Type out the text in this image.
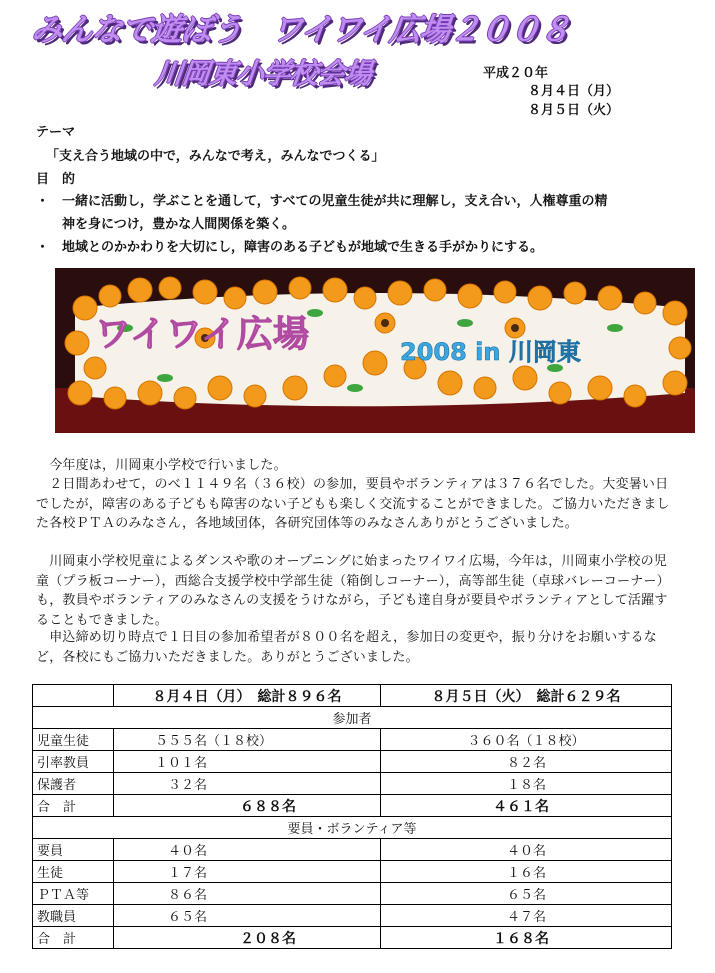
みんなで遊ぼう　ワイワイ広場２００８
川岡東小学校会場	平成２０年
８月４日（月）
８月５日（火）
テーマ
「支え合う地域の中で，みんなで考え，みんなでつくる」
目　的
・　一緒に活動し，学ぶことを通して，すべての児童生徒が共に理解し，支え合い，人権尊重の精
　　神を身につけ，豊かな人間関係を築く。
・　地域とのかかわりを大切にし，障害のある子どもが地域で生きる手がかりにする。
ワイワイ広場	2008 in 川岡東
　今年度は，川岡東小学校で行いました。
　２日間あわせて，のべ１１４９名（３６校）の参加，要員やボランティアは３７６名でした。大変暑い日でしたが，障害のある子どもも障害のない子どもも楽しく交流することができました。ご協力いただきました各校ＰＴＡのみなさん，各地域団体，各研究団体等のみなさんありがとうございました。
　川岡東小学校児童によるダンスや歌のオープニングに始まったワイワイ広場，今年は，川岡東小学校の児童（プラ板コーナー），西総合支援学校中学部生徒（箱倒しコーナー），高等部生徒（卓球バレーコーナー）も，教員やボランティアのみなさんの支援をうけながら，子ども達自身が要員やボランティアとして活躍することもできました。
　申込締め切り時点で１日目の参加希望者が８００名を超え，参加日の変更や，振り分けをお願いするなど，各校にもご協力いただきました。ありがとうございました。
	８月４日（月）　総計８９６名	８月５日（火）　総計６２９名
参加者		
児童生徒	　５５５名（１８校）	３６０名（１８校）
引率教員	　１０１名	８２名
保護者	　　３２名	１８名
合　計	６８８名	４６１名
要員・ボランティア等		
要員	　　４０名	４０名
生徒	　　１７名	１６名
ＰＴＡ等	　　８６名	６５名
教職員	　　６５名	４７名
合　計	２０８名	１６８名
